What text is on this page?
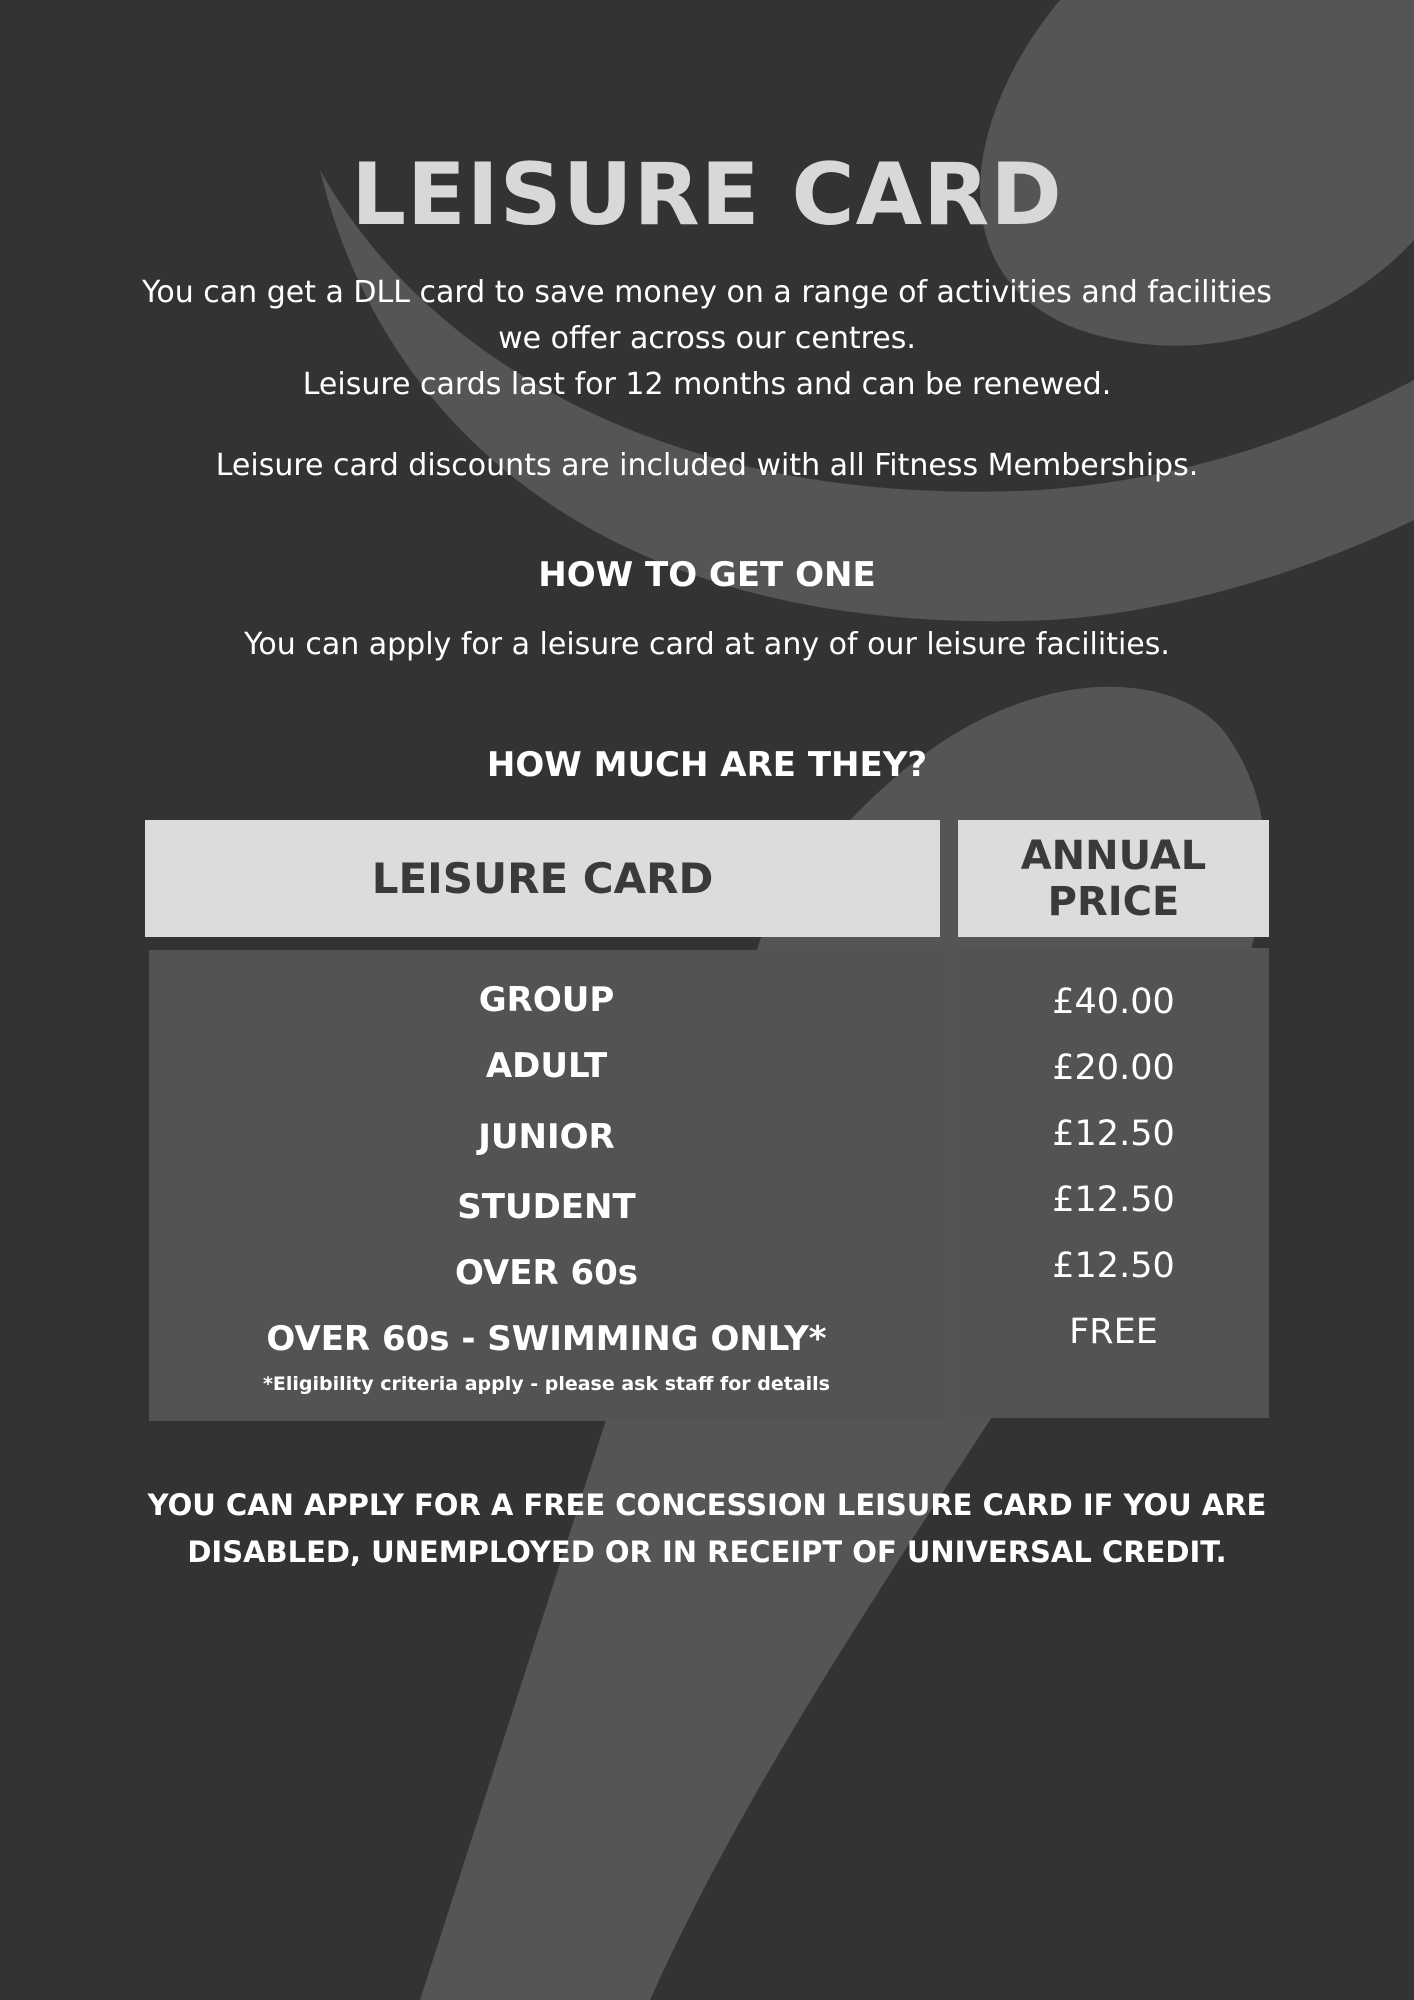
LEISURE CARD
You can get a DLL card to save money on a range of activities and facilities
we offer across our centres.
Leisure cards last for 12 months and can be renewed.
Leisure card discounts are included with all Fitness Memberships.
HOW TO GET ONE
You can apply for a leisure card at any of our leisure facilities.
HOW MUCH ARE THEY?
LEISURE CARD	ANNUAL
PRICE
GROUP
ADULT
JUNIOR
STUDENT
OVER 60s
OVER 60s - SWIMMING ONLY*
*Eligibility criteria apply - please ask staff for details
£40.00
£20.00
£12.50
£12.50
£12.50
FREE
YOU CAN APPLY FOR A FREE CONCESSION LEISURE CARD IF YOU ARE
DISABLED, UNEMPLOYED OR IN RECEIPT OF UNIVERSAL CREDIT.
